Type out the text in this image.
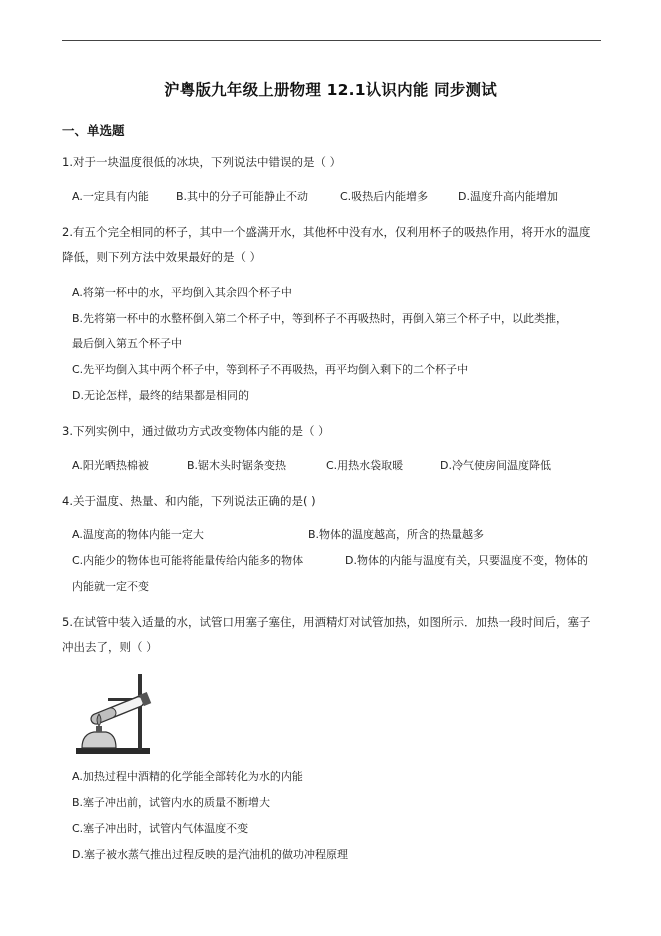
沪粤版九年级上册物理 12.1认识内能 同步测试
一、单选题
1.对于一块温度很低的冰块，下列说法中错误的是（ ）
A.一定具有内能 B.其中的分子可能静止不动	C.吸热后内能增多	D.温度升高内能增加
2.有五个完全相同的杯子，其中一个盛满开水，其他杯中没有水，仅利用杯子的吸热作用，将开水的温度
降低，则下列方法中效果最好的是（ ）
A.将第一杯中的水，平均倒入其余四个杯子中
B.先将第一杯中的水整杯倒入第二个杯子中，等到杯子不再吸热时，再倒入第三个杯子中，以此类推，
最后倒入第五个杯子中
C.先平均倒入其中两个杯子中，等到杯子不再吸热，再平均倒入剩下的二个杯子中
D.无论怎样，最终的结果都是相同的
3.下列实例中，通过做功方式改变物体内能的是（ ）
A.阳光晒热棉被	B.锯木头时锯条变热	C.用热水袋取暖	D.冷气使房间温度降低
4.关于温度、热量、和内能，下列说法正确的是( )
A.温度高的物体内能一定大	B.物体的温度越高，所含的热量越多
C.内能少的物体也可能将能量传给内能多的物体	D.物体的内能与温度有关，只要温度不变，物体的
内能就一定不变
5.在试管中装入适量的水，试管口用塞子塞住，用酒精灯对试管加热，如图所示．加热一段时间后，塞子
冲出去了，则（ ）
A.加热过程中酒精的化学能全部转化为水的内能
B.塞子冲出前，试管内水的质量不断增大
C.塞子冲出时，试管内气体温度不变
D.塞子被水蒸气推出过程反映的是汽油机的做功冲程原理
